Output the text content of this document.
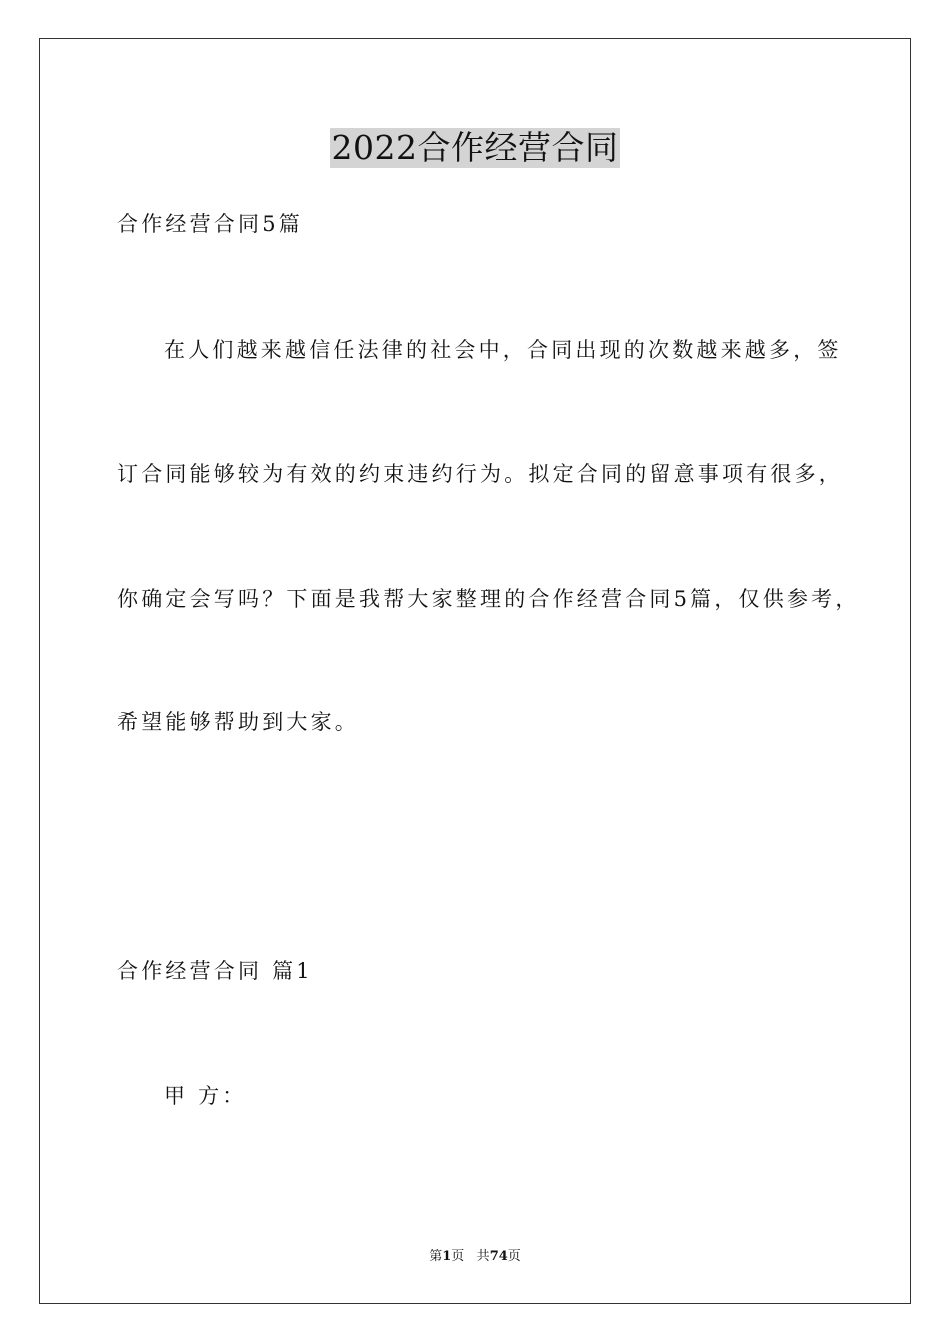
2022合作经营合同
合作经营合同5篇
在人们越来越信任法律的社会中，合同出现的次数越来越多，签
订合同能够较为有效的约束违约行为。拟定合同的留意事项有很多，
你确定会写吗？下面是我帮大家整理的合作经营合同5篇，仅供参考，
希望能够帮助到大家。
合作经营合同 篇1
甲 方：
第1页 共74页
